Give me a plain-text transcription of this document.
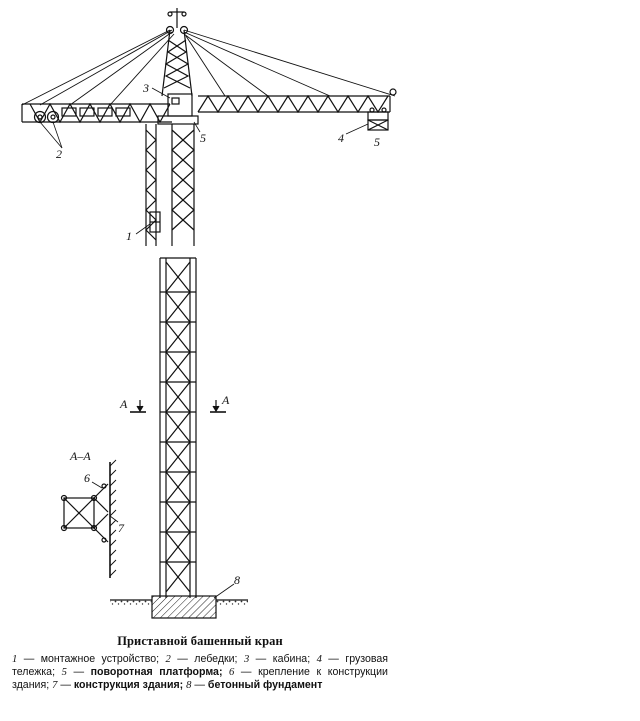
1
2
3
4	5
5
6
7
8
A	A
A–A
Приставной башенный кран
1 — монтажное устройство; 2 — лебедки; 3 — кабина; 4 — грузовая тележка; 5 — поворотная платформа; 6 — крепление к конструкции здания; 7 — конструкция здания; 8 — бетонный фундамент
